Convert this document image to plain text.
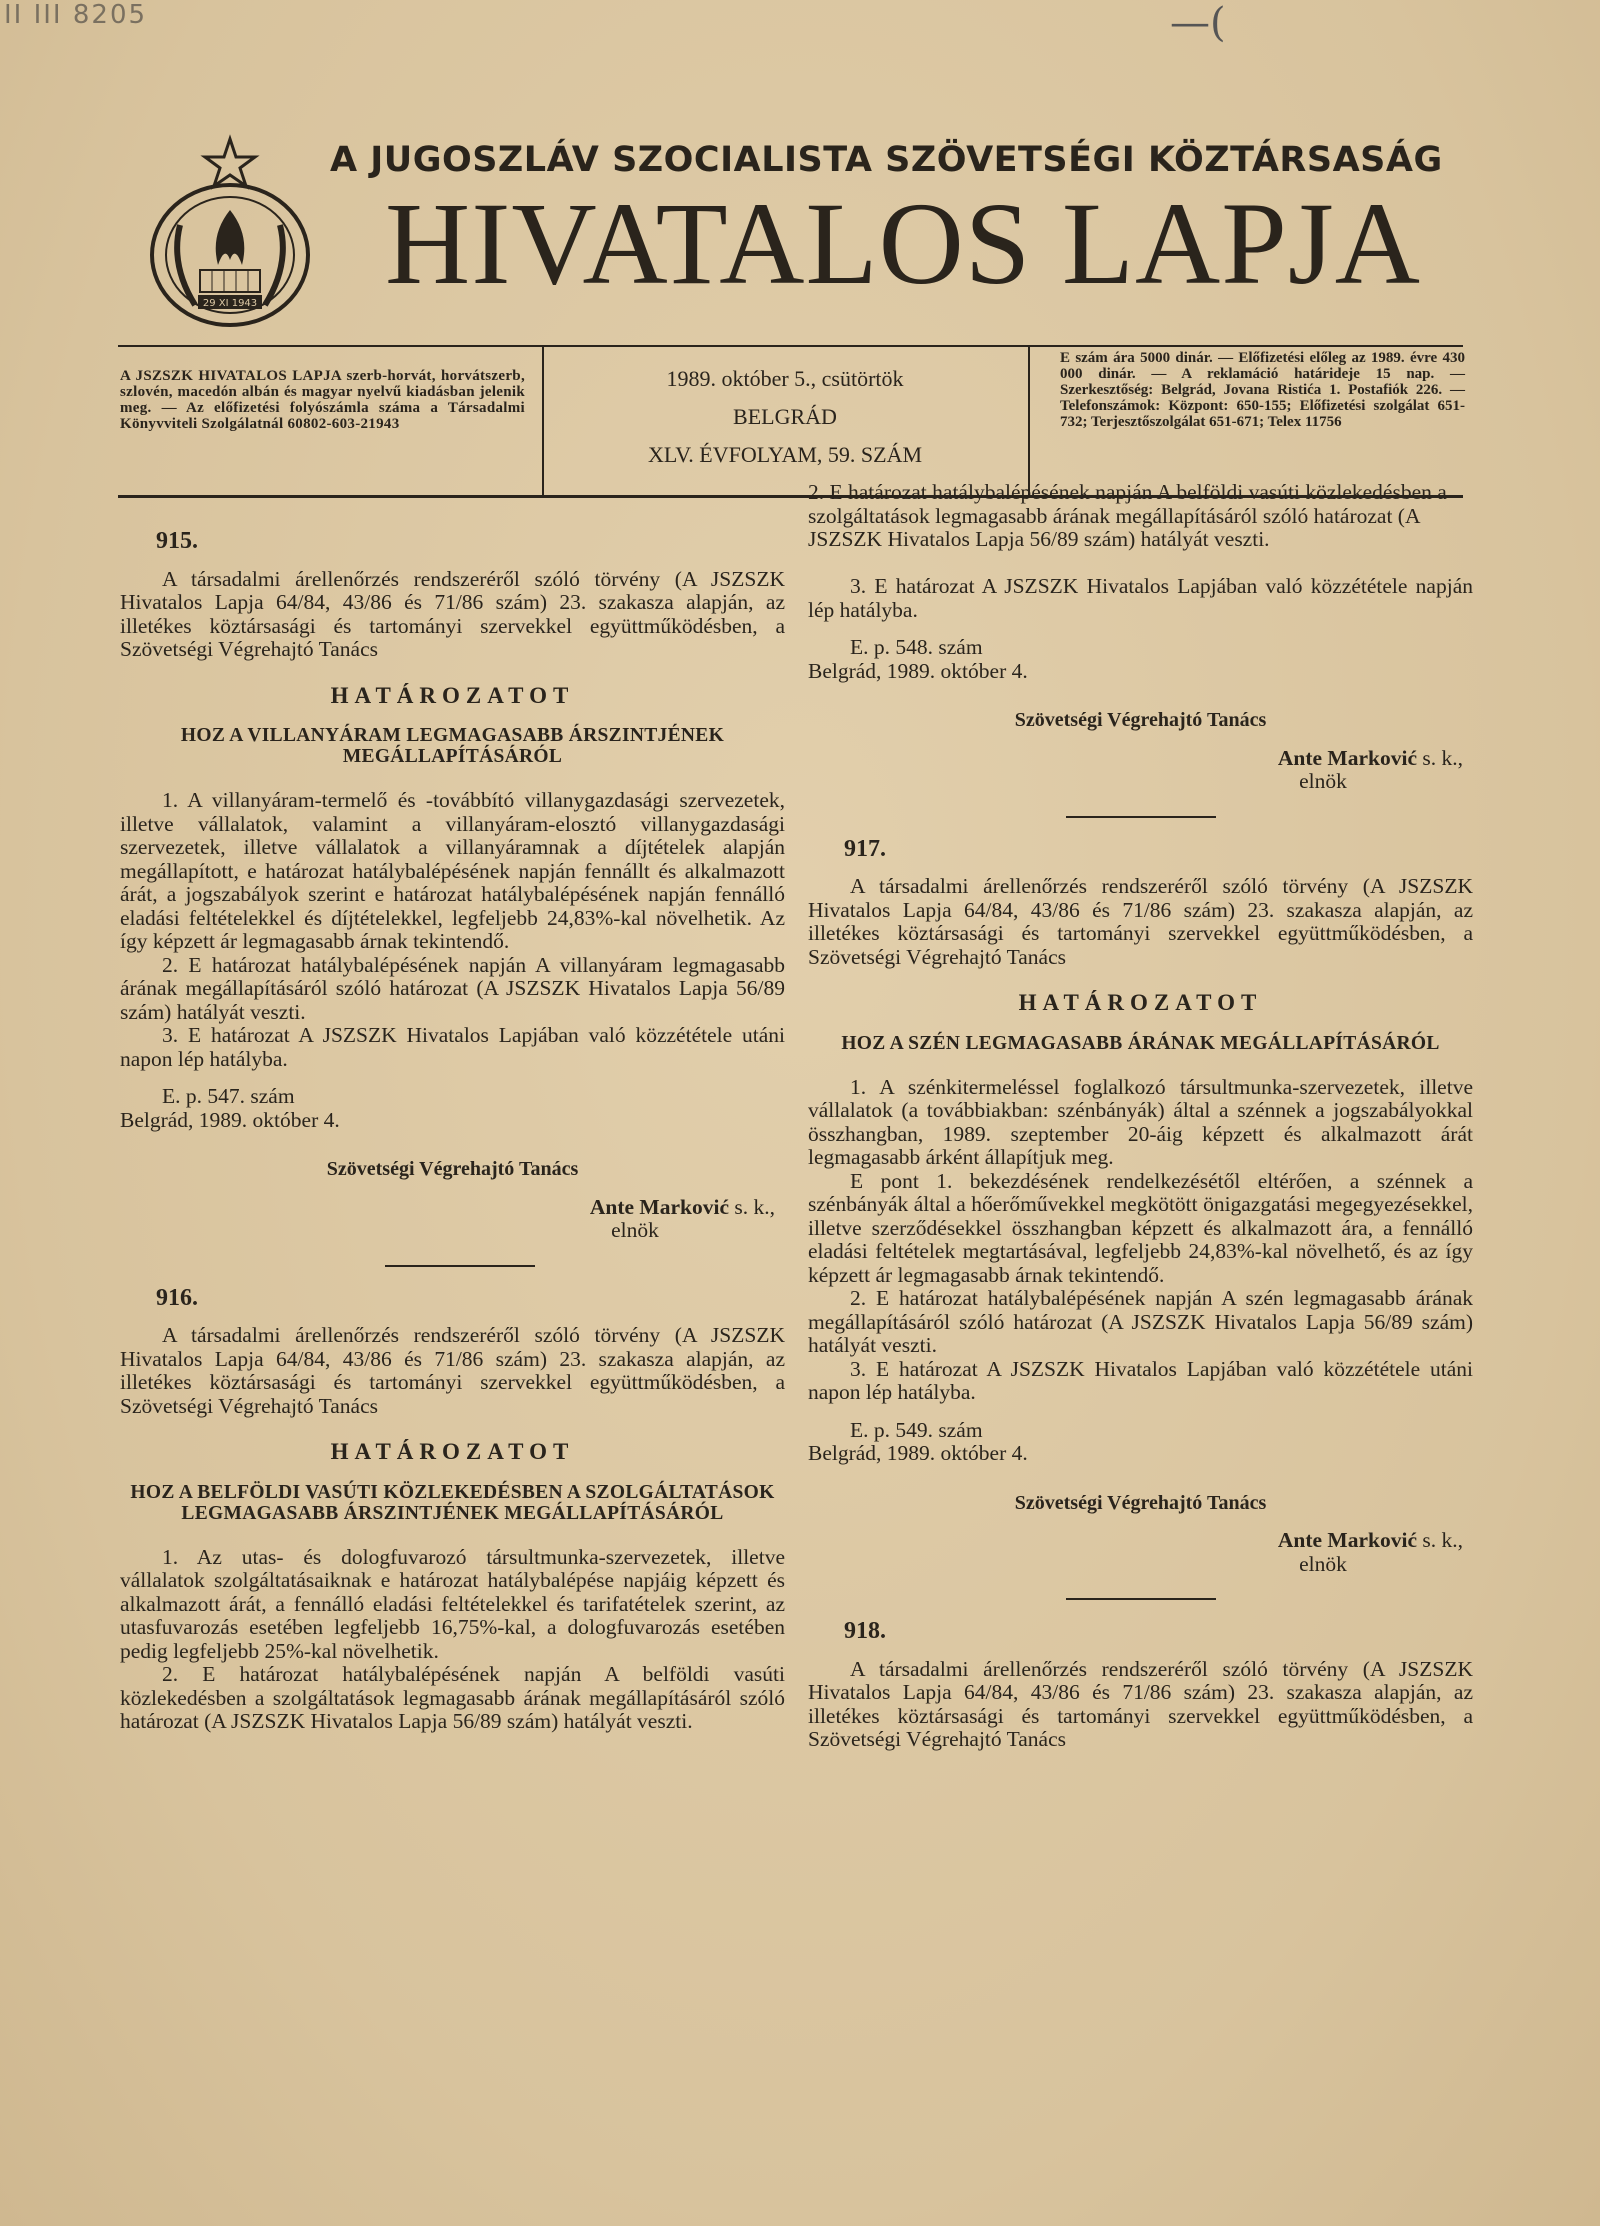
II III 8205	—(
29 XI 1943
A JUGOSZLÁV SZOCIALISTA SZÖVETSÉGI KÖZTÁRSASÁG
HIVATALOS LAPJA
A JSZSZK HIVATALOS LAPJA szerb-horvát, horvátszerb, szlovén, macedón albán és magyar nyelvű kiadásban jelenik meg. — Az előfizetési folyószámla száma a Társadalmi Könyvviteli Szolgálatnál 60802-603-21943
1989. október 5., csütörtök
BELGRÁD
XLV. ÉVFOLYAM, 59. SZÁM
E szám ára 5000 dinár. — Előfizetési előleg az 1989. évre 430 000 dinár. — A reklamáció határideje 15 nap. — Szerkesztőség: Belgrád, Jovana Ristića 1. Postafiók 226. — Telefonszámok: Központ: 650-155; Előfizetési szolgálat 651-732; Terjesztőszolgálat 651-671; Telex 11756
915.

A társadalmi árellenőrzés rendszeréről szóló törvény (A JSZSZK Hivatalos Lapja 64/84, 43/86 és 71/86 szám) 23. szakasza alapján, az illetékes köztársasági és tartományi szervekkel együttműködésben, a Szövetségi Végrehajtó Tanács

HATÁROZATOT
HOZ A VILLANYÁRAM LEGMAGASABB ÁRSZINTJÉNEK MEGÁLLAPÍTÁSÁRÓL

1. A villanyáram-termelő és -továbbító villanygazdasági szervezetek, illetve vállalatok, valamint a villanyáram-elosztó villanygazdasági szervezetek, illetve vállalatok a villanyáramnak a díjtételek alapján megállapított, e határozat hatálybalépésének napján fennállt és alkalmazott árát, a jogszabályok szerint e határozat hatálybalépésének napján fennálló eladási feltételekkel és díjtételekkel, legfeljebb 24,83%-kal növelhetik. Az így képzett ár legmagasabb árnak tekintendő.

2. E határozat hatálybalépésének napján A villanyáram legmagasabb árának megállapításáról szóló határozat (A JSZSZK Hivatalos Lapja 56/89 szám) hatályát veszti.

3. E határozat A JSZSZK Hivatalos Lapjában való közzététele utáni napon lép hatályba.

E. p. 547. szám
Belgrád, 1989. október 4.
Szövetségi Végrehajtó Tanács
Ante Marković s. k.,
elnök
916.

A társadalmi árellenőrzés rendszeréről szóló törvény (A JSZSZK Hivatalos Lapja 64/84, 43/86 és 71/86 szám) 23. szakasza alapján, az illetékes köztársasági és tartományi szervekkel együttműködésben, a Szövetségi Végrehajtó Tanács

HATÁROZATOT
HOZ A BELFÖLDI VASÚTI KÖZLEKEDÉSBEN A SZOLGÁLTATÁSOK LEGMAGASABB ÁRSZINTJÉNEK MEGÁLLAPÍTÁSÁRÓL

1. Az utas- és dologfuvarozó társultmunka-szervezetek, illetve vállalatok szolgáltatásaiknak e határozat hatálybalépése napjáig képzett és alkalmazott árát, a fennálló eladási feltételekkel és tarifatételek szerint, az utasfuvarozás esetében legfeljebb 16,75%-kal, a dologfuvarozás esetében pedig legfeljebb 25%-kal növelhetik.

2. E határozat hatálybalépésének napján A belföldi vasúti közlekedésben a szolgáltatások legmagasabb árának megállapításáról szóló határozat (A JSZSZK Hivatalos Lapja 56/89 szám) hatályát veszti.

2. E határozat hatálybalépésének napján A belföldi vasúti közlekedésben a szolgáltatások legmagasabb árának megállapításáról szóló határozat (A JSZSZK Hivatalos Lapja 56/89 szám) hatályát veszti.

3. E határozat A JSZSZK Hivatalos Lapjában való közzététele napján lép hatályba.

E. p. 548. szám
Belgrád, 1989. október 4.
Szövetségi Végrehajtó Tanács
Ante Marković s. k.,
elnök
917.

A társadalmi árellenőrzés rendszeréről szóló törvény (A JSZSZK Hivatalos Lapja 64/84, 43/86 és 71/86 szám) 23. szakasza alapján, az illetékes köztársasági és tartományi szervekkel együttműködésben, a Szövetségi Végrehajtó Tanács

HATÁROZATOT
HOZ A SZÉN LEGMAGASABB ÁRÁNAK MEGÁLLAPÍTÁSÁRÓL

1. A szénkitermeléssel foglalkozó társultmunka-szervezetek, illetve vállalatok (a továbbiakban: szénbányák) által a szénnek a jogszabályokkal összhangban, 1989. szeptember 20-áig képzett és alkalmazott árát legmagasabb árként állapítjuk meg.

E pont 1. bekezdésének rendelkezésétől eltérően, a szénnek a szénbányák által a hőerőművekkel megkötött önigazgatási megegyezésekkel, illetve szerződésekkel összhangban képzett és alkalmazott ára, a fennálló eladási feltételek megtartásával, legfeljebb 24,83%-kal növelhető, és az így képzett ár legmagasabb árnak tekintendő.

2. E határozat hatálybalépésének napján A szén legmagasabb árának megállapításáról szóló határozat (A JSZSZK Hivatalos Lapja 56/89 szám) hatályát veszti.

3. E határozat A JSZSZK Hivatalos Lapjában való közzététele utáni napon lép hatályba.

E. p. 549. szám
Belgrád, 1989. október 4.
Szövetségi Végrehajtó Tanács
Ante Marković s. k.,
elnök
918.

A társadalmi árellenőrzés rendszeréről szóló törvény (A JSZSZK Hivatalos Lapja 64/84, 43/86 és 71/86 szám) 23. szakasza alapján, az illetékes köztársasági és tartományi szervekkel együttműködésben, a Szövetségi Végrehajtó Tanács
